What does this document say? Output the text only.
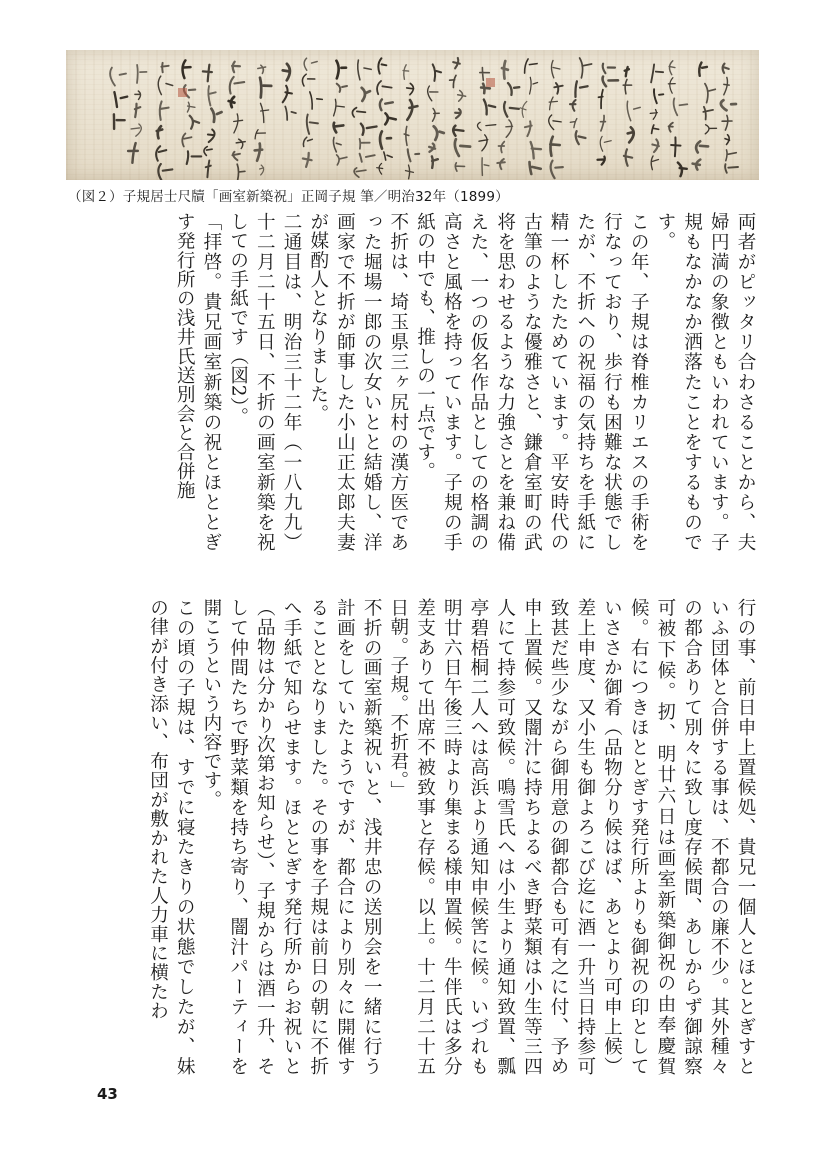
（図２）子規居士尺牘「画室新築祝」正岡子規 筆／明治32年（1899）

両者がピッタリ合わさることから、夫婦円満の象徴ともいわれています。子規もなかなか洒落たことをするものです。

この年、子規は脊椎カリエスの手術を行なっており、歩行も困難な状態でしたが、不折への祝福の気持ちを手紙に精一杯したためています。平安時代の古筆のような優雅さと、鎌倉室町の武将を思わせるような力強さとを兼ね備えた、一つの仮名作品としての格調の高さと風格を持っています。子規の手紙の中でも、推しの一点です。

不折は、埼玉県三ヶ尻村の漢方医であった堀場一郎の次女いとと結婚し、洋画家で不折が師事した小山正太郎夫妻が媒酌人となりました。

二通目は、明治三十二年（一八九九）十二月二十五日、不折の画室新築を祝しての手紙です（図2）。

「拝啓。貴兄画室新築の祝とほととぎす発行所の浅井氏送別会と合併施

行の事、前日申上置候処、貴兄一個人とほととぎすといふ団体と合併する事は、不都合の廉不少。其外種々の都合ありて別々に致し度存候間、あしからず御諒察可被下候。扨、明廿六日は画室新築御祝の由奉慶賀候。右につきほととぎす発行所よりも御祝の印としていささか御肴（品物分り候はば、あとより可申上候）差上申度、又小生も御よろこび迄に酒一升当日持参可致甚だ些少ながら御用意の御都合も可有之に付、予め申上置候。又闇汁に持ちよるべき野菜類は小生等三四人にて持参可致候。鳴雪氏へは小生より通知致置、瓢亭碧梧桐二人へは高浜より通知申候筈に候。いづれも明廿六日午後三時より集まる様申置候。牛伴氏は多分差支ありて出席不被致事と存候。以上。十二月二十五日朝。子規。不折君。」

不折の画室新築祝いと、浅井忠の送別会を一緒に行う計画をしていたようですが、都合により別々に開催することとなりました。その事を子規は前日の朝に不折へ手紙で知らせます。ほととぎす発行所からお祝いと（品物は分かり次第お知らせ）、子規からは酒一升、そして仲間たちで野菜類を持ち寄り、闇汁パーティーを開こうという内容です。

この頃の子規は、すでに寝たきりの状態でしたが、妹の律が付き添い、布団が敷かれた人力車に横たわ

43
